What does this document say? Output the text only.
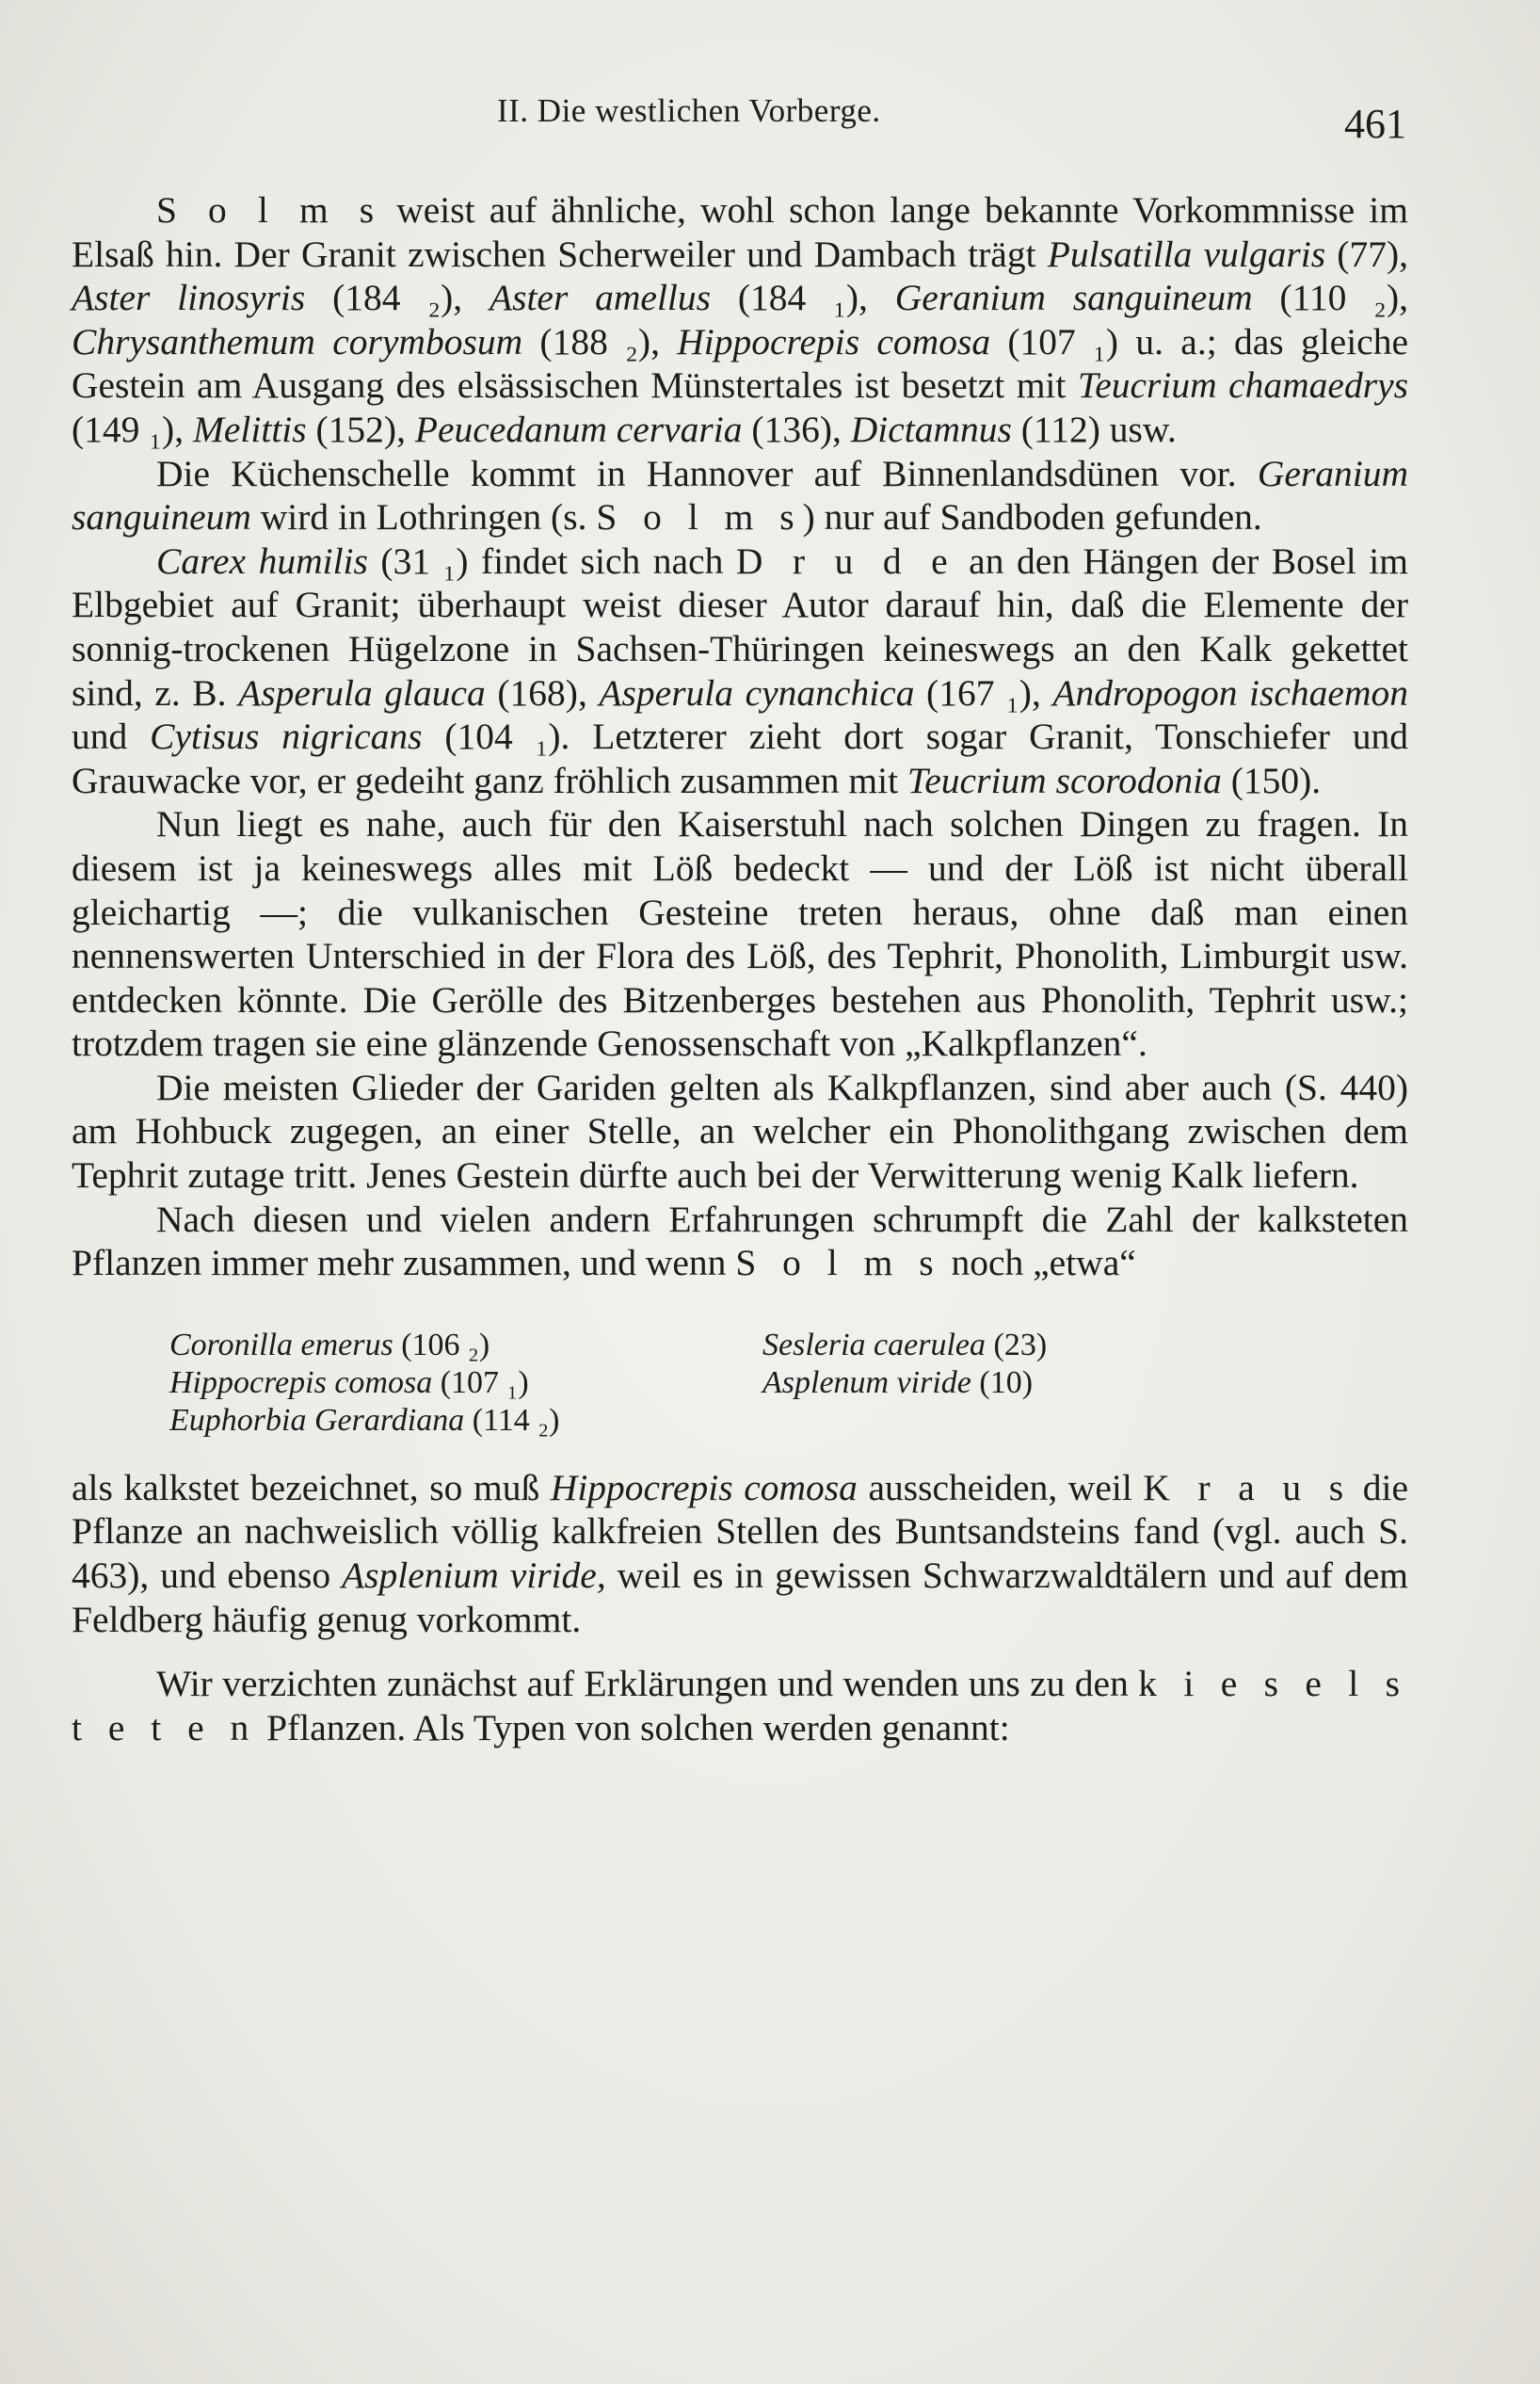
II. Die westlichen Vorberge.	461

S o l m s weist auf ähnliche, wohl schon lange bekannte Vorkommnisse im Elsaß hin. Der Granit zwischen Scherweiler und Dambach trägt Pulsatilla vulgaris (77), Aster linosyris (184 ₂), Aster amellus (184 ₁), Geranium sanguineum (110 ₂), Chrysanthemum corymbosum (188 ₂), Hippocrepis comosa (107 ₁) u. a.; das gleiche Gestein am Ausgang des elsässischen Münstertales ist besetzt mit Teucrium chamaedrys (149 ₁), Melittis (152), Peucedanum cervaria (136), Dictamnus (112) usw.

Die Küchenschelle kommt in Hannover auf Binnenlandsdünen vor. Geranium sanguineum wird in Lothringen (s. S o l m s) nur auf Sandboden gefunden.

Carex humilis (31 ₁) findet sich nach D r u d e an den Hängen der Bosel im Elbgebiet auf Granit; überhaupt weist dieser Autor darauf hin, daß die Elemente der sonnig-trockenen Hügelzone in Sachsen-Thüringen keineswegs an den Kalk gekettet sind, z. B. Asperula glauca (168), Asperula cynanchica (167 ₁), Andropogon ischaemon und Cytisus nigricans (104 ₁). Letzterer zieht dort sogar Granit, Tonschiefer und Grauwacke vor, er gedeiht ganz fröhlich zusammen mit Teucrium scorodonia (150).

Nun liegt es nahe, auch für den Kaiserstuhl nach solchen Dingen zu fragen. In diesem ist ja keineswegs alles mit Löß bedeckt — und der Löß ist nicht überall gleichartig —; die vulkanischen Gesteine treten heraus, ohne daß man einen nennenswerten Unterschied in der Flora des Löß, des Tephrit, Phonolith, Limburgit usw. entdecken könnte. Die Gerölle des Bitzenberges bestehen aus Phonolith, Tephrit usw.; trotzdem tragen sie eine glänzende Genossenschaft von „Kalkpflanzen“.

Die meisten Glieder der Gariden gelten als Kalkpflanzen, sind aber auch (S. 440) am Hohbuck zugegen, an einer Stelle, an welcher ein Phonolithgang zwischen dem Tephrit zutage tritt. Jenes Gestein dürfte auch bei der Verwitterung wenig Kalk liefern.

Nach diesen und vielen andern Erfahrungen schrumpft die Zahl der kalksteten Pflanzen immer mehr zusammen, und wenn S o l m s noch „etwa“

Coronilla emerus (106 ₂)	Sesleria caerulea (23)
Hippocrepis comosa (107 ₁)	Asplenum viride (10)
Euphorbia Gerardiana (114 ₂)

als kalkstet bezeichnet, so muß Hippocrepis comosa ausscheiden, weil K r a u s die Pflanze an nachweislich völlig kalkfreien Stellen des Buntsandsteins fand (vgl. auch S. 463), und ebenso Asplenium viride, weil es in gewissen Schwarzwaldtälern und auf dem Feldberg häufig genug vorkommt.

Wir verzichten zunächst auf Erklärungen und wenden uns zu den k i e s e l s t e t e n Pflanzen. Als Typen von solchen werden genannt:
